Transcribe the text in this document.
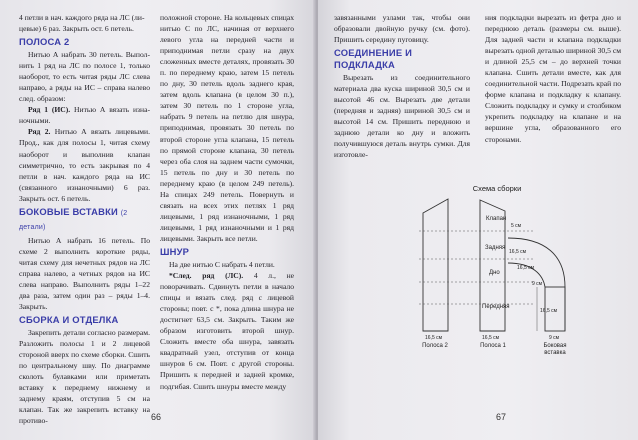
4 петли в нач. каждого ряда на ЛС (ли-

цевые) 6 раз. Закрыть ост. 6 петель.

ПОЛОСА 2

Нитью А набрать 30 петель. Выпол-нить 1 ряд на ЛС по полосе 1, только наоборот, то есть читая ряды ЛС слева направо, а ряды на ИС – справа налево след. образом:

Ряд 1 (ИС). Нитью А вязать изна-ночными.

Ряд 2. Нитью А вязать лицевыми. Прод., как для полосы 1, читая схему наоборот и выполнив клапан симметрично, то есть закрывая по 4 петли в нач. каждого ряда на ИС (связанного изнаночными) 6 раз. Закрыть ост. 6 петель.

БОКОВЫЕ ВСТАВКИ (2 детали)

Нитью А набрать 16 петель. По схеме 2 выполнить короткие ряды, читая схему для нечетных рядов на ЛС справа налево, а четных рядов на ИС слева направо. Выполнить ряды 1–22 два раза, затем один раз – ряды 1–4. Закрыть.

СБОРКА И ОТДЕЛКА

Закрепить детали согласно размерам. Разложить полосы 1 и 2 лицевой стороной вверх по схеме сборки. Сшить по центральному шву. По диаграмме сколоть булавками или приметать вставку к переднему нижнему и заднему краям, отступив 5 см на клапан. Так же закрепить вставку на противо-

положной стороне. На кольцевых спицах нитью С по ЛС, начиная от верхнего левого угла на передней части и приподнимая петли сразу на двух сложенных вместе деталях, провязать 30 п. по переднему краю, затем 15 петель по дну, 30 петель вдоль заднего края, затем вдоль клапана (в целом 30 п.), затем 30 петель по 1 стороне угла, набрать 9 петель на петлю для шнура, приподнимая, провязать 30 петель по второй стороне угла клапана, 15 петель по прямой стороне клапана, 30 петель через оба слоя на заднем части сумочки, 15 петель по дну и 30 петель по переднему краю (в целом 249 петель). На спицах 249 петель. Повернуть и связать на всех этих петлях 1 ряд лицевыми, 1 ряд изнаночными, 1 ряд лицевыми, 1 ряд изнаночными и 1 ряд лицевыми. Закрыть все петли.

ШНУР

На две нитью С набрать 4 петли.

*След. ряд (ЛС). 4 л., не поворачивать. Сдвинуть петли в начало спицы и вязать след. ряд с лицевой стороны; повт. с *, пока длина шнура не достигнет 63,5 см. Закрыть. Таким же образом изготовить второй шнур. Сложить вместе оба шнура, завязать квадратный узел, отступив от конца шнуров 6 см. Повт. с другой стороны. Пришить к передней и задней кромке, подгибая. Сшить шнуры вместе между

66

завязанными узлами так, чтобы они образовали двойную ручку (см. фото). Пришить середину пуговицу.

СОЕДИНЕНИЕ И ПОДКЛАДКА

Вырезать из соединительного материала два куска шириной 30,5 см и высотой 46 см. Вырезать две детали (передняя и задняя) шириной 30,5 см и высотой 14 см. Пришить переднюю и заднюю детали ко дну и вложить получившуюся деталь внутрь сумки. Для изготовле-

ния подкладки вырезать из фетра дно и переднюю деталь (размеры см. выше). Для задней части и клапана подкладки вырезать одной деталью шириной 30,5 см и длиной 25,5 см – до верхней точки клапана. Сшить детали вместе, как для соединительной части. Подрезать край по форме клапана и подкладку к клапану. Сложить подкладку и сумку и столбиком укрепить подкладку на клапане и на вершине угла, образованного его сторонами.

67
Схема сборки
5 см
16,5 см
16,5 см
9 см
16,5 см
16,5 см	16,5 см	9 см
Клапан
Задняя
Дно
Передняя
Полоса 2	Полоса 1	Боковая
вставка
